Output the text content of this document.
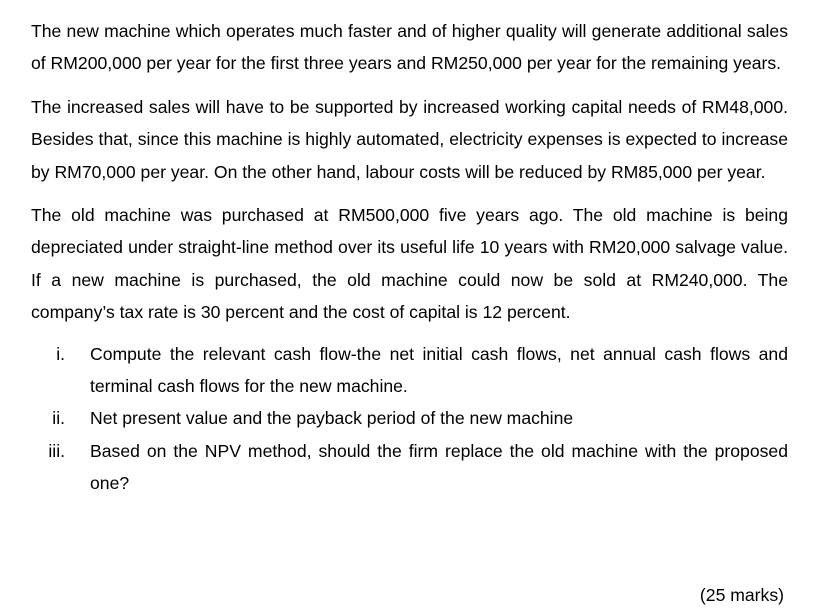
The new machine which operates much faster and of higher quality will generate additional sales of RM200,000 per year for the first three years and RM250,000 per year for the remaining years.

The increased sales will have to be supported by increased working capital needs of RM48,000. Besides that, since this machine is highly automated, electricity expenses is expected to increase by RM70,000 per year. On the other hand, labour costs will be reduced by RM85,000 per year.

The old machine was purchased at RM500,000 five years ago. The old machine is being depreciated under straight-line method over its useful life 10 years with RM20,000 salvage value. If a new machine is purchased, the old machine could now be sold at RM240,000. The company’s tax rate is 30 percent and the cost of capital is 12 percent.

i.	Compute the relevant cash flow-the net initial cash flows, net annual cash flows and terminal cash flows for the new machine.
ii.	Net present value and the payback period of the new machine
iii.	Based on the NPV method, should the firm replace the old machine with the proposed one?
(25 marks)
